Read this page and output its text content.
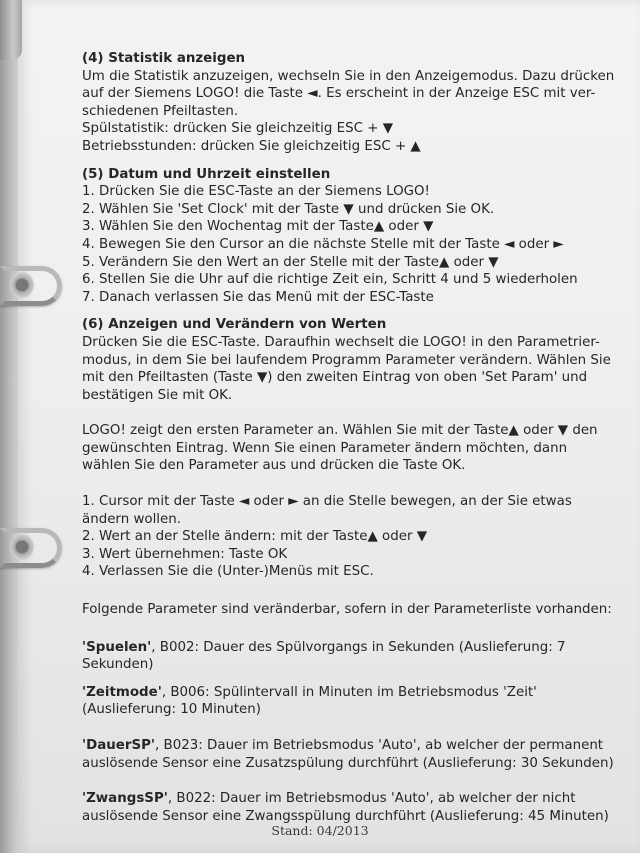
(4) Statistik anzeigen

Um die Statistik anzuzeigen, wechseln Sie in den Anzeigemodus. Dazu drücken

auf der Siemens LOGO! die Taste ◄. Es erscheint in der Anzeige ESC mit ver-

schiedenen Pfeiltasten.

Spülstatistik: drücken Sie gleichzeitig ESC + ▼

Betriebsstunden: drücken Sie gleichzeitig ESC + ▲

(5) Datum und Uhrzeit einstellen

1. Drücken Sie die ESC-Taste an der Siemens LOGO!

2. Wählen Sie 'Set Clock' mit der Taste ▼ und drücken Sie OK.

3. Wählen Sie den Wochentag mit der Taste▲ oder ▼

4. Bewegen Sie den Cursor an die nächste Stelle mit der Taste ◄ oder ►

5. Verändern Sie den Wert an der Stelle mit der Taste▲ oder ▼

6. Stellen Sie die Uhr auf die richtige Zeit ein, Schritt 4 und 5 wiederholen

7. Danach verlassen Sie das Menü mit der ESC-Taste

(6) Anzeigen und Verändern von Werten

Drücken Sie die ESC-Taste. Daraufhin wechselt die LOGO! in den Parametrier-

modus, in dem Sie bei laufendem Programm Parameter verändern. Wählen Sie

mit den Pfeiltasten (Taste ▼) den zweiten Eintrag von oben 'Set Param' und

bestätigen Sie mit OK.

LOGO! zeigt den ersten Parameter an. Wählen Sie mit der Taste▲ oder ▼ den

gewünschten Eintrag. Wenn Sie einen Parameter ändern möchten, dann

wählen Sie den Parameter aus und drücken die Taste OK.

1. Cursor mit der Taste ◄ oder ► an die Stelle bewegen, an der Sie etwas

ändern wollen.

2. Wert an der Stelle ändern: mit der Taste▲ oder ▼

3. Wert übernehmen: Taste OK

4. Verlassen Sie die (Unter-)Menüs mit ESC.

Folgende Parameter sind veränderbar, sofern in der Parameterliste vorhanden:

'Spuelen', B002: Dauer des Spülvorgangs in Sekunden (Auslieferung: 7

Sekunden)

'Zeitmode', B006: Spülintervall in Minuten im Betriebsmodus 'Zeit'

(Auslieferung: 10 Minuten)

'DauerSP', B023: Dauer im Betriebsmodus 'Auto', ab welcher der permanent

auslösende Sensor eine Zusatzspülung durchführt (Auslieferung: 30 Sekunden)

'ZwangsSP', B022: Dauer im Betriebsmodus 'Auto', ab welcher der nicht

auslösende Sensor eine Zwangsspülung durchführt (Auslieferung: 45 Minuten)

Stand: 04/2013
